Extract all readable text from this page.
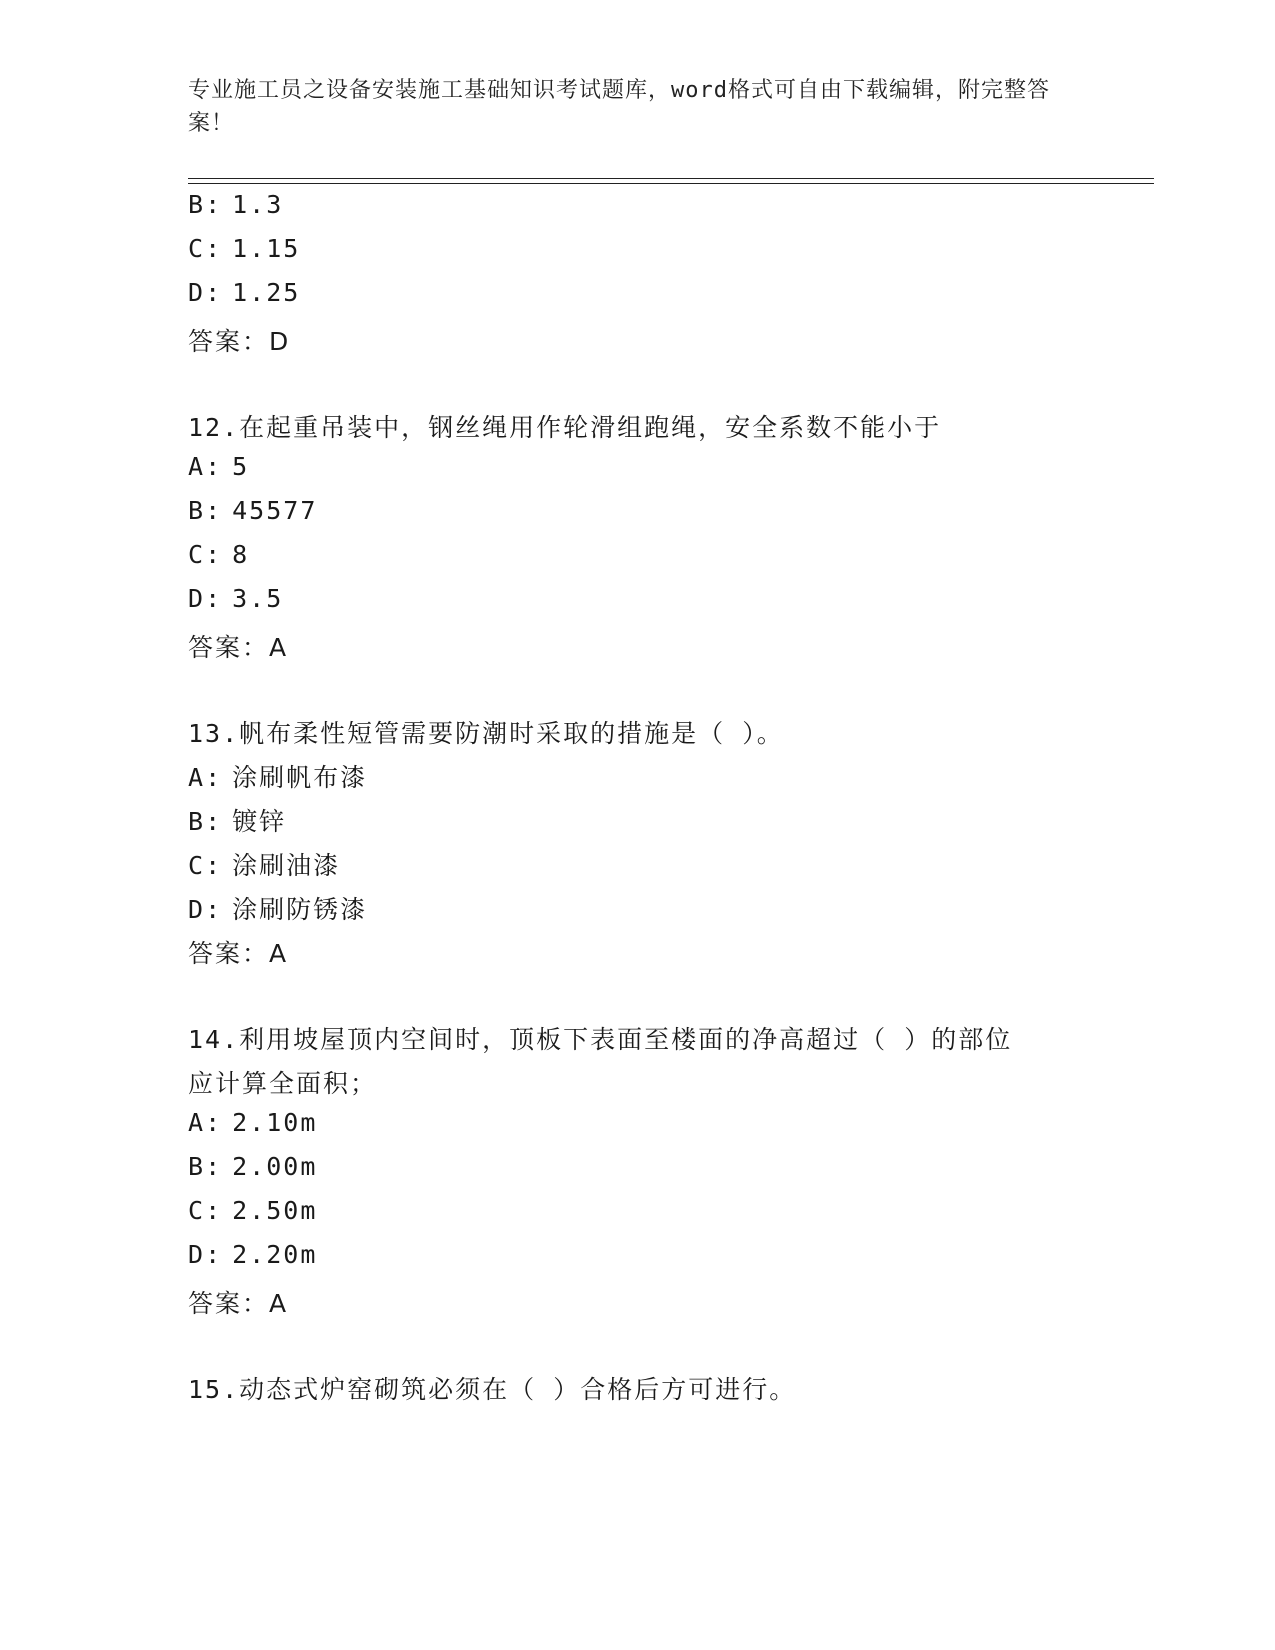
专业施工员之设备安装施工基础知识考试题库，word格式可自由下载编辑，附完整答案！
B: 1.3
C: 1.15
D: 1.25
答案：D
12.在起重吊装中，钢丝绳用作轮滑组跑绳，安全系数不能小于
A: 5
B: 45577
C: 8
D: 3.5
答案：A
13.帆布柔性短管需要防潮时采取的措施是（ ）。
A: 涂刷帆布漆
B: 镀锌
C: 涂刷油漆
D: 涂刷防锈漆
答案：A
14.利用坡屋顶内空间时，顶板下表面至楼面的净高超过（ ）的部位
应计算全面积；
A: 2.10m
B: 2.00m
C: 2.50m
D: 2.20m
答案：A
15.动态式炉窑砌筑必须在（ ）合格后方可进行。
